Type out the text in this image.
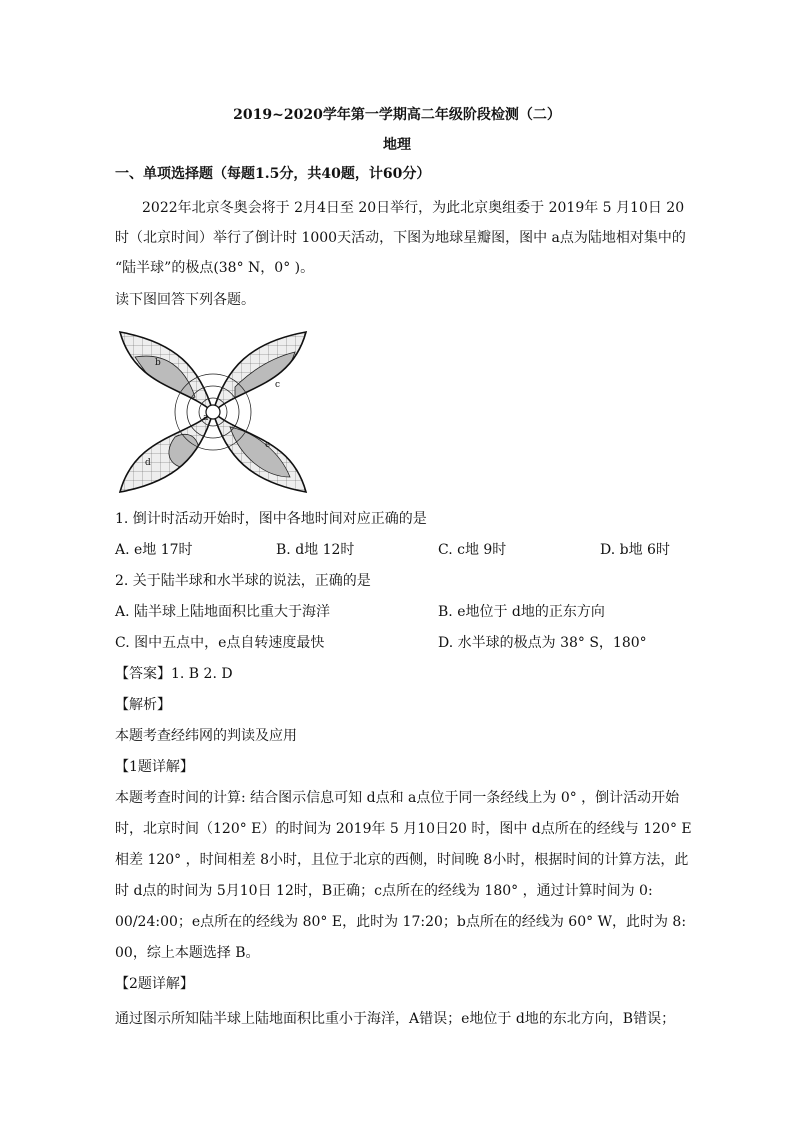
2019~2020学年第一学期高二年级阶段检测（二）
地理
一、单项选择题（每题1.5分，共40题，计60分）
2022年北京冬奥会将于 2月4日至 20日举行，为此北京奥组委于 2019年 5 月10日 20
时（北京时间）举行了倒计时 1000天活动，下图为地球星瓣图，图中 a点为陆地相对集中的
“陆半球”的极点(38° N，0° )。
读下图回答下列各题。
a
b
c
d
e
1. 倒计时活动开始时，图中各地时间对应正确的是
A. e地 17时	B. d地 12时	C. c地 9时	D. b地 6时
2. 关于陆半球和水半球的说法，正确的是
A. 陆半球上陆地面积比重大于海洋	B. e地位于 d地的正东方向
C. 图中五点中，e点自转速度最快	D. 水半球的极点为 38° S，180°
【答案】1. B 2. D
【解析】
本题考查经纬网的判读及应用
【1题详解】
本题考查时间的计算: 结合图示信息可知 d点和 a点位于同一条经线上为 0° ，倒计活动开始
时，北京时间（120° E）的时间为 2019年 5 月10日20 时，图中 d点所在的经线与 120° E
相差 120° ，时间相差 8小时，且位于北京的西侧，时间晚 8小时，根据时间的计算方法，此
时 d点的时间为 5月10日 12时，B正确；c点所在的经线为 180° ，通过计算时间为 0:
00/24:00；e点所在的经线为 80° E，此时为 17:20；b点所在的经线为 60° W，此时为 8:
00，综上本题选择 B。
【2题详解】
通过图示所知陆半球上陆地面积比重小于海洋，A错误；e地位于 d地的东北方向，B错误；
